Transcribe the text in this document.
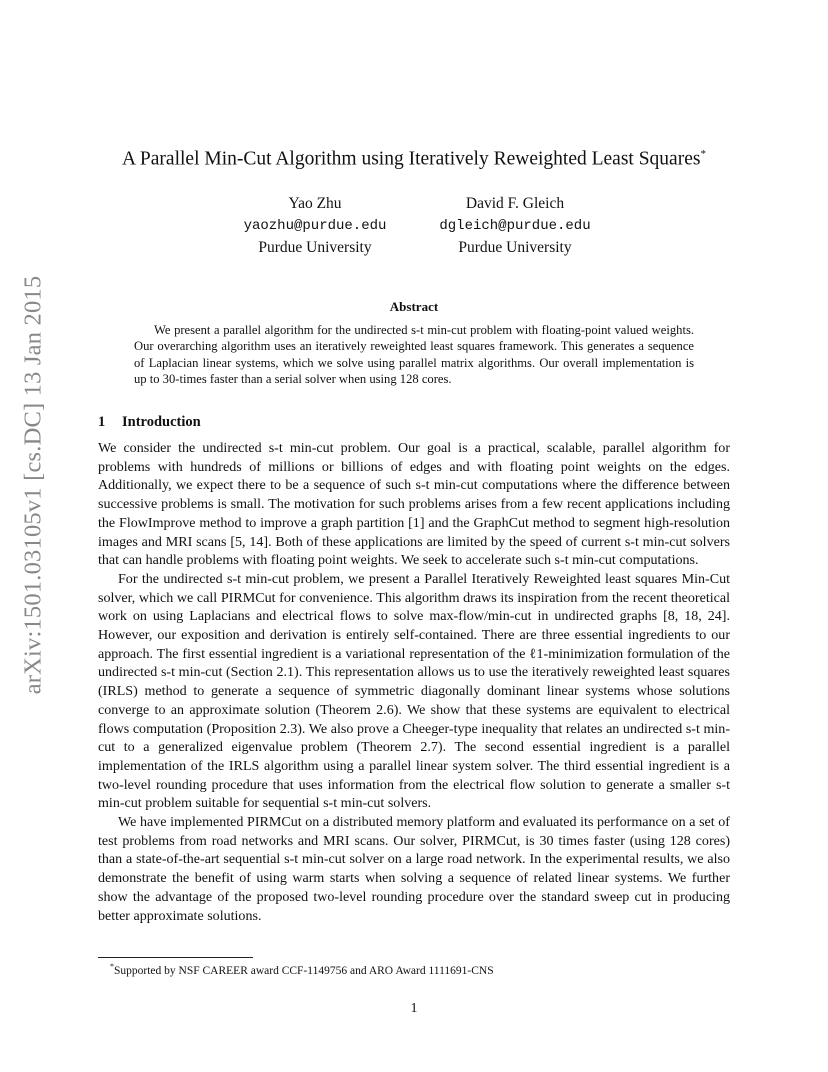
arXiv:1501.03105v1 [cs.DC] 13 Jan 2015
A Parallel Min-Cut Algorithm using Iteratively Reweighted Least Squares*
Yao Zhu
yaozhu@purdue.edu
Purdue University
David F. Gleich
dgleich@purdue.edu
Purdue University
Abstract

We present a parallel algorithm for the undirected s-t min-cut problem with floating-point valued weights. Our overarching algorithm uses an iteratively reweighted least squares framework. This generates a sequence of Laplacian linear systems, which we solve using parallel matrix algorithms. Our overall implementation is up to 30-times faster than a serial solver when using 128 cores.

1 Introduction

We consider the undirected s-t min-cut problem. Our goal is a practical, scalable, parallel algorithm for problems with hundreds of millions or billions of edges and with floating point weights on the edges. Additionally, we expect there to be a sequence of such s-t min-cut computations where the difference between successive problems is small. The motivation for such problems arises from a few recent applications including the FlowImprove method to improve a graph partition [1] and the GraphCut method to segment high-resolution images and MRI scans [5, 14]. Both of these applications are limited by the speed of current s-t min-cut solvers that can handle problems with floating point weights. We seek to accelerate such s-t min-cut computations.

For the undirected s-t min-cut problem, we present a Parallel Iteratively Reweighted least squares Min-Cut solver, which we call PIRMCut for convenience. This algorithm draws its inspiration from the recent theoretical work on using Laplacians and electrical flows to solve max-flow/min-cut in undirected graphs [8, 18, 24]. However, our exposition and derivation is entirely self-contained. There are three essential ingredients to our approach. The first essential ingredient is a variational representation of the ℓ1-minimization formulation of the undirected s-t min-cut (Section 2.1). This representation allows us to use the iteratively reweighted least squares (IRLS) method to generate a sequence of symmetric diagonally dominant linear systems whose solutions converge to an approximate solution (Theorem 2.6). We show that these systems are equivalent to electrical flows computation (Proposition 2.3). We also prove a Cheeger-type inequality that relates an undirected s-t min-cut to a generalized eigenvalue problem (Theorem 2.7). The second essential ingredient is a parallel implementation of the IRLS algorithm using a parallel linear system solver. The third essential ingredient is a two-level rounding procedure that uses information from the electrical flow solution to generate a smaller s-t min-cut problem suitable for sequential s-t min-cut solvers.

We have implemented PIRMCut on a distributed memory platform and evaluated its performance on a set of test problems from road networks and MRI scans. Our solver, PIRMCut, is 30 times faster (using 128 cores) than a state-of-the-art sequential s-t min-cut solver on a large road network. In the experimental results, we also demonstrate the benefit of using warm starts when solving a sequence of related linear systems. We further show the advantage of the proposed two-level rounding procedure over the standard sweep cut in producing better approximate solutions.

*Supported by NSF CAREER award CCF-1149756 and ARO Award 1111691-CNS

1
